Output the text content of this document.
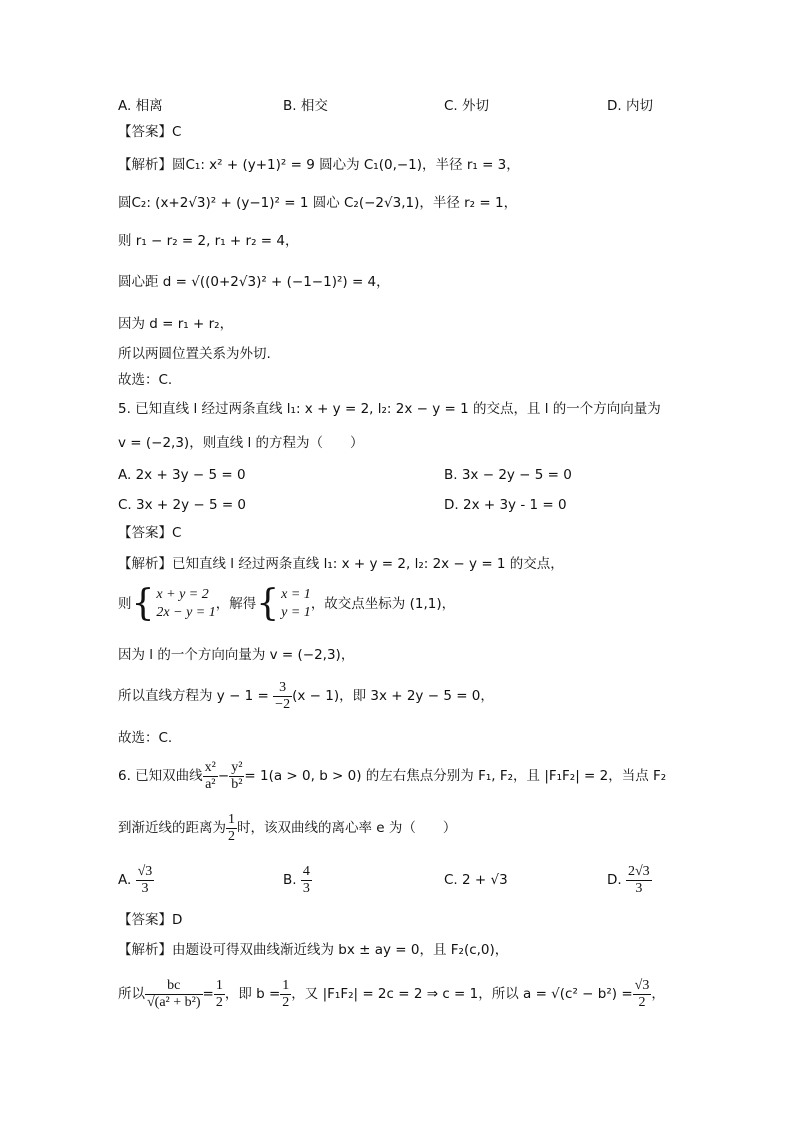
A. 相离	B. 相交	C. 外切	D. 内切
【答案】C
【解析】圆C₁: x² + (y+1)² = 9 圆心为 C₁(0,−1)，半径 r₁ = 3，
圆C₂: (x+2√3)² + (y−1)² = 1 圆心 C₂(−2√3,1)，半径 r₂ = 1，
则 r₁ − r₂ = 2, r₁ + r₂ = 4，
圆心距 d = √((0+2√3)² + (−1−1)²) = 4，
因为 d = r₁ + r₂，
所以两圆位置关系为外切.
故选：C.
5. 已知直线 l 经过两条直线 l₁: x + y = 2, l₂: 2x − y = 1 的交点，且 l 的一个方向向量为
v = (−2,3)，则直线 l 的方程为（　　）
A. 2x + 3y − 5 = 0	B. 3x − 2y − 5 = 0
C. 3x + 2y − 5 = 0	D. 2x + 3y - 1 = 0
【答案】C
【解析】已知直线 l 经过两条直线 l₁: x + y = 2, l₂: 2x − y = 1 的交点，
则{ x + y = 2
2x − y = 1
，解得{ x = 1
y = 1
，故交点坐标为 (1,1)，
因为 l 的一个方向向量为 v = (−2,3)，
所以直线方程为 $y - 1 = \frac{3}{-2} (x - 1)$，即 3x + 2y − 5 = 0，
故选：C.
6. 已知双曲线 $\frac{\text{x²}}{\text{a²}} - \frac{\text{y²}}{\text{b²}} = 1(a > 0$, b > 0) 的左右焦点分别为 F₁, F₂，且 |F₁F₂| = 2，当点 F₂
到渐近线的距离为 $\frac{1}{2}$ 时，该双曲线的离心率 e 为（　　）
A. $\frac{√3}{3}$	B. $\frac{4}{3}$	C. 2 + √3	D. $\frac{2√3}{3}$
【答案】D
【解析】由题设可得双曲线渐近线为 bx ± ay = 0，且 F₂(c,0)，
所以 $\frac{bc}{\text{√(a² + b²)}} = \frac{1}{2}$ ，即 $b = \frac{1}{2}$ ，又 |F₁F₂| = 2c = 2 ⇒ c = 1，所以 $a = √(c^2 - b^2) = \frac{√3}{2}$ ，
